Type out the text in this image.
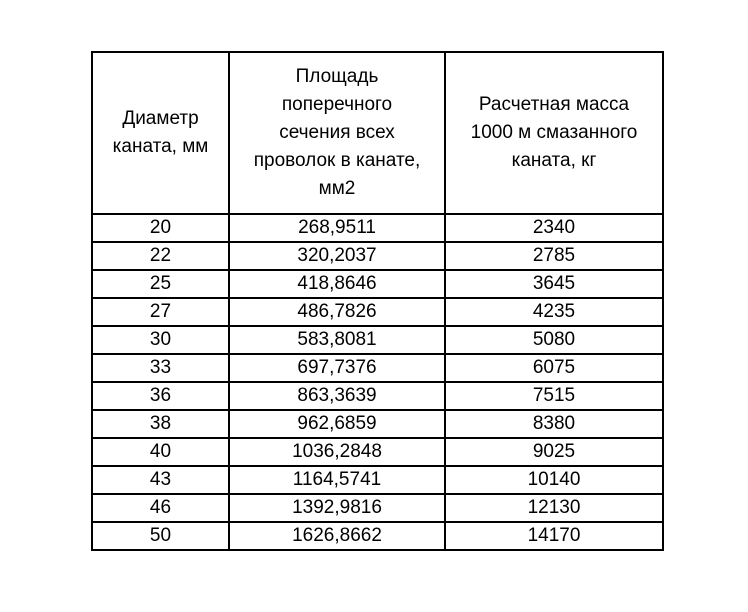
Диаметр
каната, мм	Площадь
поперечного
сечения всех
проволок в канате,
мм2	Расчетная масса
1000 м смазанного
каната, кг

20	268,9511	2340
22	320,2037	2785
25	418,8646	3645
27	486,7826	4235
30	583,8081	5080
33	697,7376	6075
36	863,3639	7515
38	962,6859	8380
40	1036,2848	9025
43	1164,5741	10140
46	1392,9816	12130
50	1626,8662	14170
